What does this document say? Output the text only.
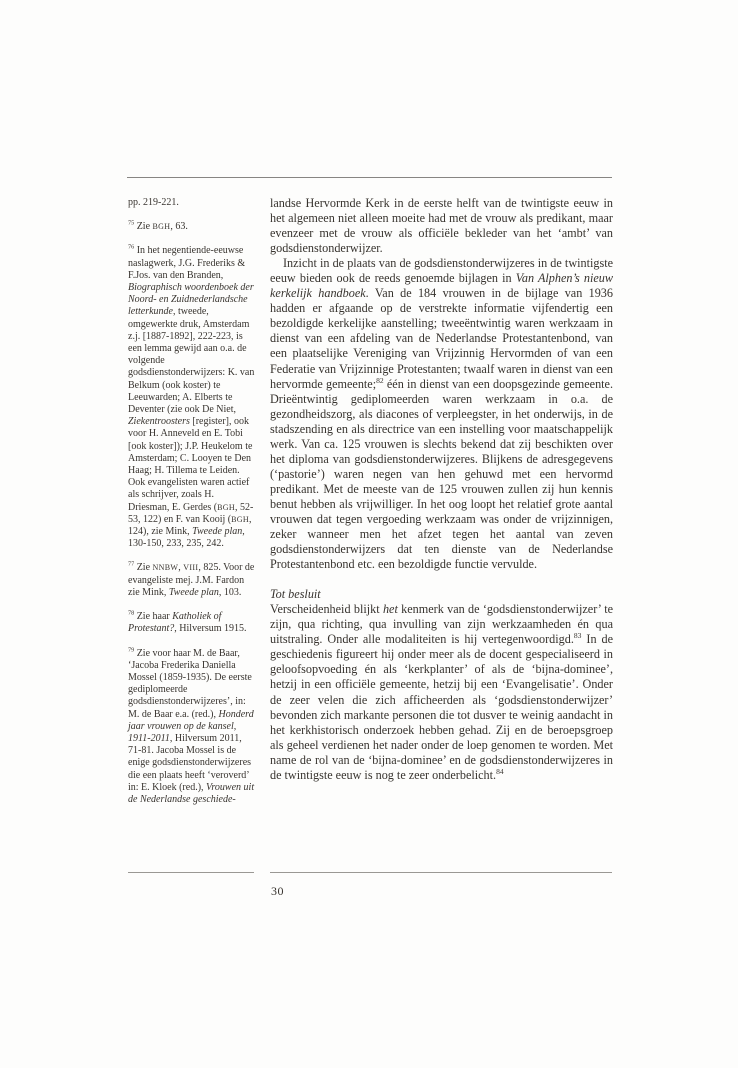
pp. 219-221.
$^{75}$ Zie BGH, 63.
$^{76}$ In het negentiende-eeuwse naslagwerk, J.G. Frederiks & F.Jos. van den Branden, Biographisch woordenboek der Noord- en Zuidnederlandsche letterkunde, tweede, omgewerkte druk, Amsterdam z.j. [1887-1892], 222-223, is een lemma gewijd aan o.a. de volgende godsdienstonderwijzers: K. van Belkum (ook koster) te Leeuwarden; A. Elberts te Deventer (zie ook De Niet, Ziekentroosters [register], ook voor H. Anneveld en E. Tobi [ook koster]); J.P. Heukelom te Amsterdam; C. Looyen te Den Haag; H. Tillema te Leiden. Ook evangelisten waren actief als schrijver, zoals H. Driesman, E. Gerdes (BGH, 52-53, 122) en F. van Kooij (BGH, 124), zie Mink, Tweede plan, 130-150, 233, 235, 242.
$^{77}$ Zie NNBW, VIII, 825. Voor de evangeliste mej. J.M. Fardon zie Mink, Tweede plan, 103.
$^{78}$ Zie haar Katholiek of Protestant?, Hilversum 1915.
$^{79}$ Zie voor haar M. de Baar, ‘Jacoba Frederika Daniella Mossel (1859-1935). De eerste gediplomeerde godsdienstonderwijzeres’, in: M. de Baar e.a. (red.), Honderd jaar vrouwen op de kansel, 1911-2011, Hilversum 2011, 71-81. Jacoba Mossel is de enige godsdienstonderwijzeres die een plaats heeft ‘veroverd’ in: E. Kloek (red.), Vrouwen uit de Nederlandse geschiede-
landse Hervormde Kerk in de eerste helft van de twintigste eeuw in het algemeen niet alleen moeite had met de vrouw als predikant, maar evenzeer met de vrouw als officiële bekleder van het ‘ambt’ van godsdienstonderwijzer.
Inzicht in de plaats van de godsdienstonderwijzeres in de twintigste eeuw bieden ook de reeds genoemde bijlagen in Van Alphen’s nieuw kerkelijk handboek. Van de 184 vrouwen in de bijlage van 1936 hadden er afgaande op de verstrekte informatie vijfendertig een bezoldigde kerkelijke aanstelling; tweeëntwintig waren werkzaam in dienst van een afdeling van de Nederlandse Protestantenbond, van een plaatselijke Vereniging van Vrijzinnig Hervormden of van een Federatie van Vrijzinnige Protestanten; twaalf waren in dienst van een hervormde gemeente;$^{82}$ één in dienst van een doopsgezinde gemeente. Drieëntwintig gediplomeerden waren werkzaam in o.a. de gezondheidszorg, als diacones of verpleegster, in het onderwijs, in de stadszending en als directrice van een instelling voor maatschappelijk werk. Van ca. 125 vrouwen is slechts bekend dat zij beschikten over het diploma van godsdienstonderwijzeres. Blijkens de adresgegevens (‘pastorie’) waren negen van hen gehuwd met een hervormd predikant. Met de meeste van de 125 vrouwen zullen zij hun kennis benut hebben als vrijwilliger. In het oog loopt het relatief grote aantal vrouwen dat tegen vergoeding werkzaam was onder de vrijzinnigen, zeker wanneer men het afzet tegen het aantal van zeven godsdienstonderwijzers dat ten dienste van de Nederlandse Protestantenbond etc. een bezoldigde functie vervulde.
Tot besluit
Verscheidenheid blijkt het kenmerk van de ‘godsdienstonderwijzer’ te zijn, qua richting, qua invulling van zijn werkzaamheden én qua uitstraling. Onder alle modaliteiten is hij vertegenwoordigd.$^{83}$ In de geschiedenis figureert hij onder meer als de docent gespecialiseerd in geloofsopvoeding én als ‘kerkplanter’ of als de ‘bijna-dominee’, hetzij in een officiële gemeente, hetzij bij een ‘Evangelisatie’. Onder de zeer velen die zich afficheerden als ‘godsdienstonderwijzer’ bevonden zich markante personen die tot dusver te weinig aandacht in het kerkhistorisch onderzoek hebben gehad. Zij en de beroepsgroep als geheel verdienen het nader onder de loep genomen te worden. Met name de rol van de ‘bijna-dominee’ en de godsdienstonderwijzeres in de twintigste eeuw is nog te zeer onderbelicht.$^{84}$
30
